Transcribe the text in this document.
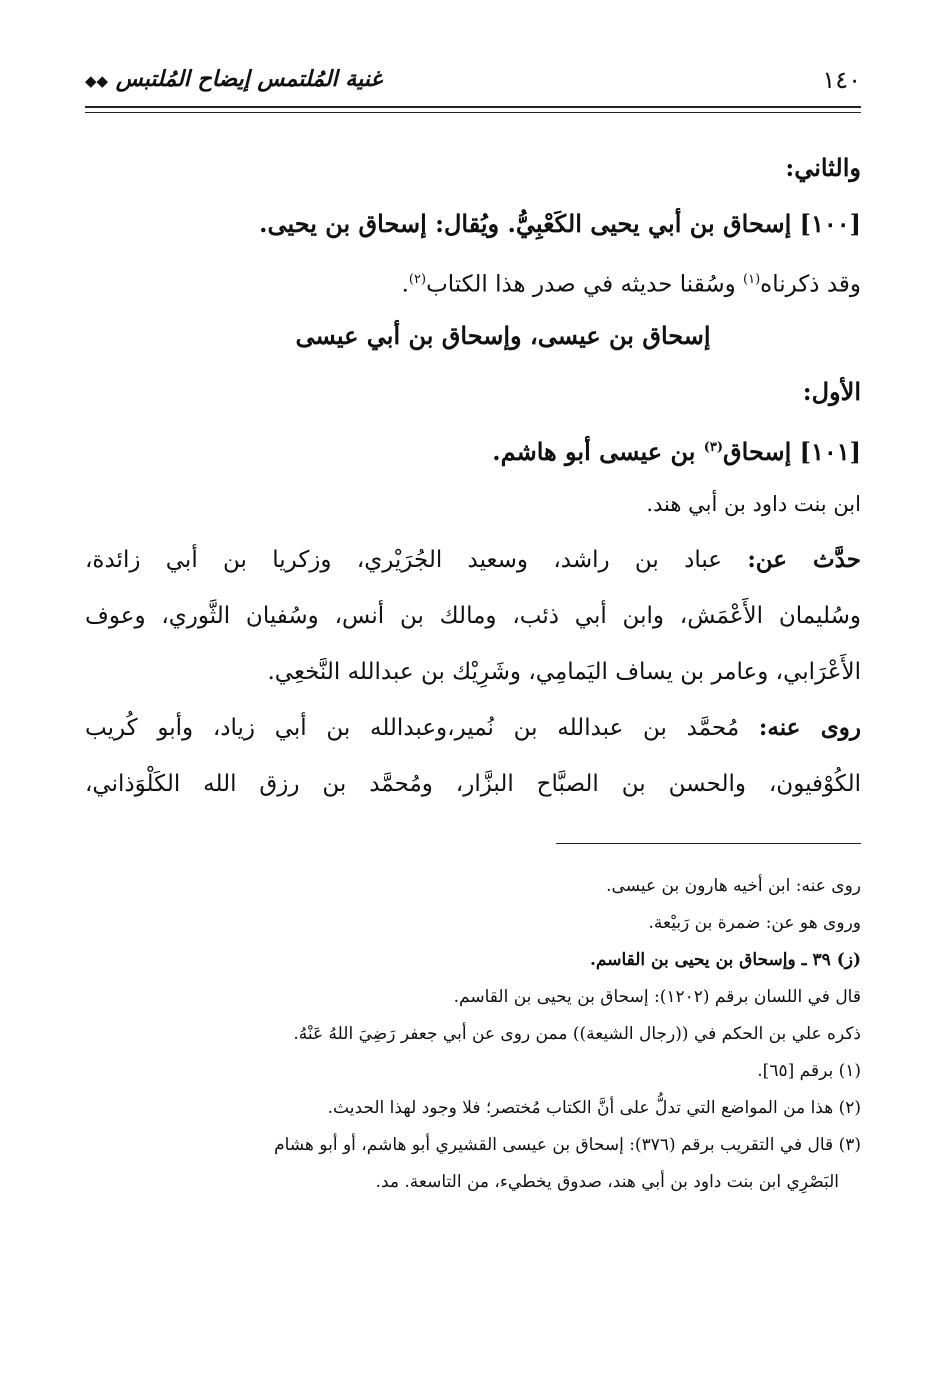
١٤٠
غنية المُلتمس إيضاح المُلتبس ◆◆
والثاني:
[١٠٠] إسحاق بن أبي يحيى الكَعْبِيُّ. ويُقال: إسحاق بن يحيى.
وقد ذكرناه$^{(١)}$ وسُقنا حديثه في صدر هذا الكتاب$^{(٢)}$.
إسحاق بن عيسى، وإسحاق بن أبي عيسى
الأول:
[١٠١] إسحاق$^{(٣)}$ بن عيسى أبو هاشم.
ابن بنت داود بن أبي هند.
حدَّث عن: عباد بن راشد، وسعيد الجُرَيْري، وزكريا بن أبي زائدة،
وسُليمان الأَعْمَش، وابن أبي ذئب، ومالك بن أنس، وسُفيان الثَّوري، وعوف
الأَعْرَابي، وعامر بن يساف اليَمامِي، وشَرِيْك بن عبدالله النَّخعِي.
روى عنه: مُحمَّد بن عبدالله بن نُمير،وعبدالله بن أبي زياد، وأبو كُريب
الكُوْفيون، والحسن بن الصبَّاح البزَّار، ومُحمَّد بن رزق الله الكَلْوَذاني،
روى عنه: ابن أخيه هارون بن عيسى.
وروى هو عن: ضمرة بن رَبيْعة.
(ز) ٣٩ ـ وإسحاق بن يحيى بن القاسم.
قال في اللسان برقم (١٢٠٢): إسحاق بن يحيى بن القاسم.
ذكره علي بن الحكم في ((رجال الشيعة)) ممن روى عن أبي جعفر رَضِيَ اللهُ عَنْهُ.
(١) برقم [٦٥].
(٢) هذا من المواضع التي تدلُّ على أنَّ الكتاب مُختصر؛ فلا وجود لهذا الحديث.
(٣) قال في التقريب برقم (٣٧٦): إسحاق بن عيسى القشيري أبو هاشم، أو أبو هشام
البَصْرِي ابن بنت داود بن أبي هند، صدوق يخطيء، من التاسعة. مد.
